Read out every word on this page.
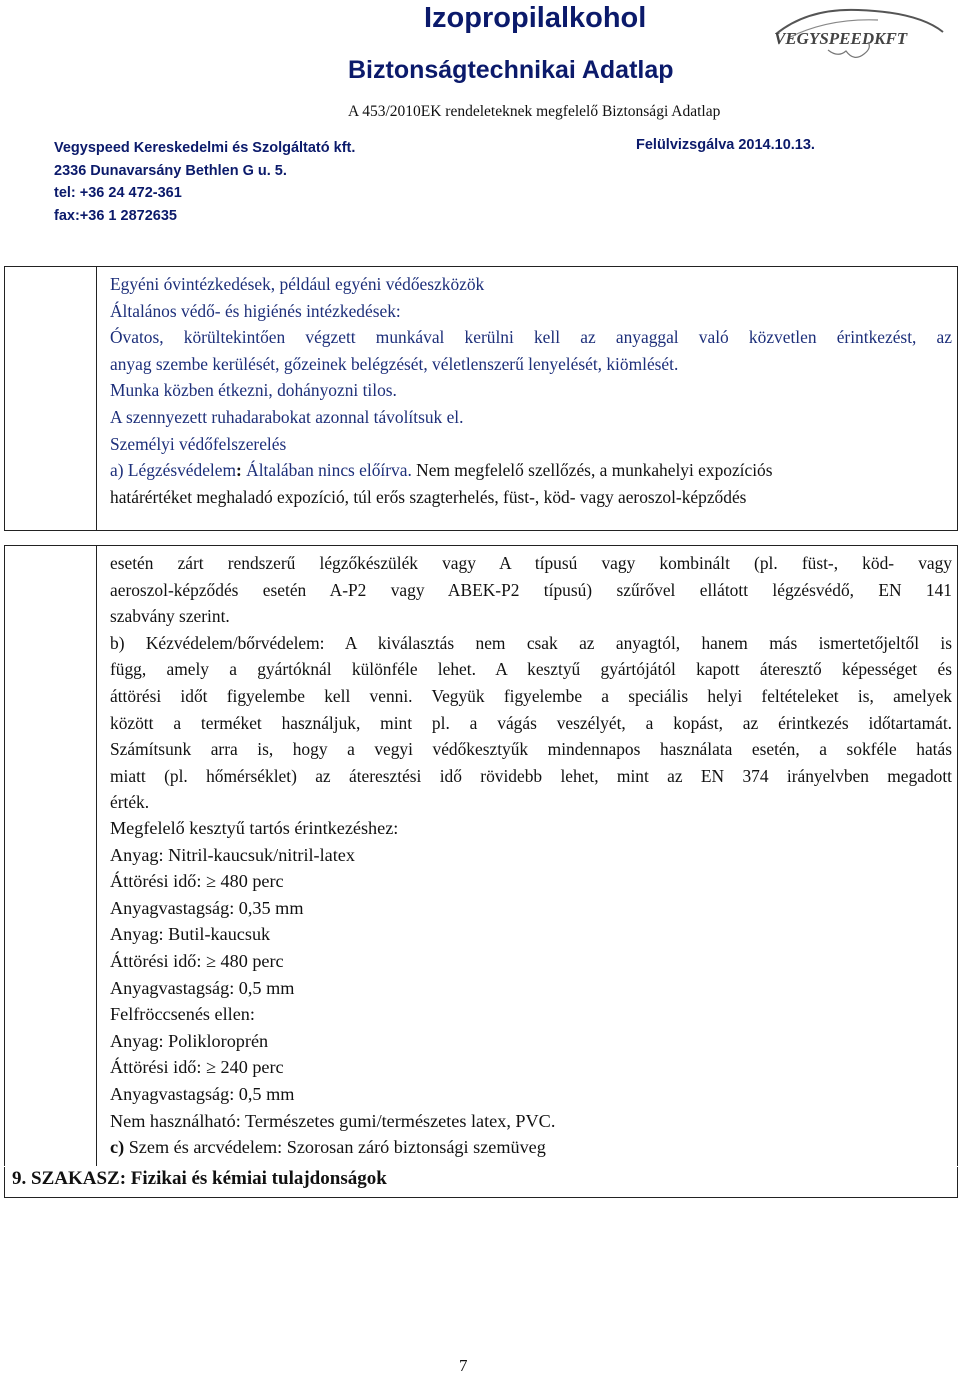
Izopropilalkohol
Biztonságtechnikai Adatlap
A 453/2010EK rendeleteknek megfelelő Biztonsági Adatlap
Felülvizsgálva 2014.10.13.
VEGYSPEEDKFT
Vegyspeed Kereskedelmi és Szolgáltató kft.
2336 Dunavarsány Bethlen G u. 5.
tel: +36 24 472-361
fax:+36 1 2872635
Egyéni óvintézkedések, például egyéni védőeszközök
Általános védő- és higiénés intézkedések:
Óvatos, körültekintően végzett munkával kerülni kell az anyaggal való közvetlen érintkezést, az
anyag szembe kerülését, gőzeinek belégzését, véletlenszerű lenyelését, kiömlését.
Munka közben étkezni, dohányozni tilos.
A szennyezett ruhadarabokat azonnal távolítsuk el.
Személyi védőfelszerelés
a) Légzésvédelem: Általában nincs előírva. Nem megfelelő szellőzés, a munkahelyi expozíciós
határértéket meghaladó expozíció, túl erős szagterhelés, füst-, köd- vagy aeroszol-képződés
esetén zárt rendszerű légzőkészülék vagy A típusú vagy kombinált (pl. füst-, köd- vagy
aeroszol-képződés esetén A-P2 vagy ABEK-P2 típusú) szűrővel ellátott légzésvédő, EN 141
szabvány szerint.
b) Kézvédelem/bőrvédelem: A kiválasztás nem csak az anyagtól, hanem más ismertetőjeltől is
függ, amely a gyártóknál különféle lehet. A kesztyű gyártójától kapott áteresztő képességet és
áttörési időt figyelembe kell venni. Vegyük figyelembe a speciális helyi feltételeket is, amelyek
között a terméket használjuk, mint pl. a vágás veszélyét, a kopást, az érintkezés időtartamát.
Számítsunk arra is, hogy a vegyi védőkesztyűk mindennapos használata esetén, a sokféle hatás
miatt (pl. hőmérséklet) az áteresztési idő rövidebb lehet, mint az EN 374 irányelvben megadott
érték.
Megfelelő kesztyű tartós érintkezéshez:
Anyag: Nitril-kaucsuk/nitril-latex
Áttörési idő: ≥ 480 perc
Anyagvastagság: 0,35 mm
Anyag: Butil-kaucsuk
Áttörési idő: ≥ 480 perc
Anyagvastagság: 0,5 mm
Felfröccsenés ellen:
Anyag: Polikloroprén
Áttörési idő: ≥ 240 perc
Anyagvastagság: 0,5 mm
Nem használható: Természetes gumi/természetes latex, PVC.
c) Szem és arcvédelem: Szorosan záró biztonsági szemüveg
9. SZAKASZ: Fizikai és kémiai tulajdonságok
7
